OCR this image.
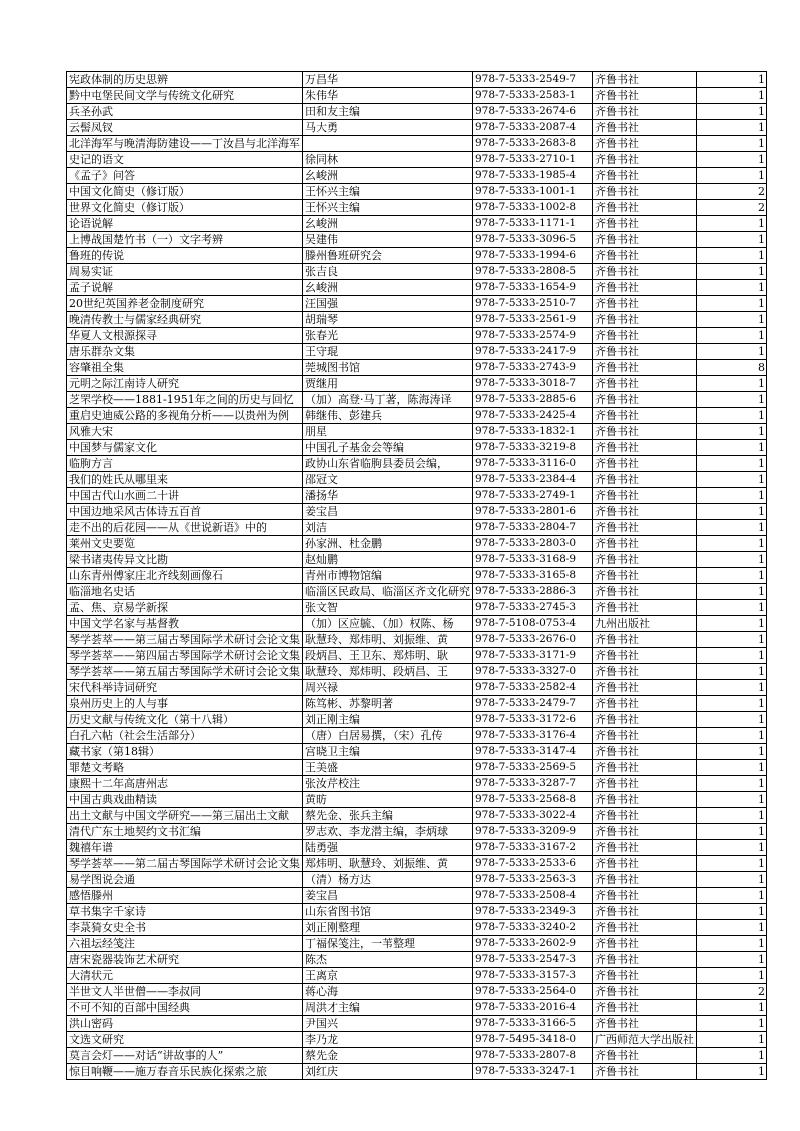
宪政体制的历史思辨	万昌华	978-7-5333-2549-7	齐鲁书社	1
黔中屯堡民间文学与传统文化研究	朱伟华	978-7-5333-2583-1	齐鲁书社	1
兵圣孙武	田和友主编	978-7-5333-2674-6	齐鲁书社	1
云髻凤钗	马大勇	978-7-5333-2087-4	齐鲁书社	1
北洋海军与晚清海防建设——丁汝昌与北洋海军		978-7-5333-2683-8	齐鲁书社	1
史记的语文	徐同林	978-7-5333-2710-1	齐鲁书社	1
《孟子》问答	幺峻洲	978-7-5333-1985-4	齐鲁书社	1
中国文化简史（修订版）	王怀兴主编	978-7-5333-1001-1	齐鲁书社	2
世界文化简史（修订版）	王怀兴主编	978-7-5333-1002-8	齐鲁书社	2
论语说解	幺峻洲	978-7-5333-1171-1	齐鲁书社	1
上博战国楚竹书（一）文字考辨	吴建伟	978-7-5333-3096-5	齐鲁书社	1
鲁班的传说	滕州鲁班研究会	978-7-5333-1994-6	齐鲁书社	1
周易实证	张吉良	978-7-5333-2808-5	齐鲁书社	1
孟子说解	幺峻洲	978-7-5333-1654-9	齐鲁书社	1
20世纪英国养老金制度研究	汪国强	978-7-5333-2510-7	齐鲁书社	1
晚清传教士与儒家经典研究	胡瑞琴	978-7-5333-2561-9	齐鲁书社	1
华夏人文根源探寻	张春光	978-7-5333-2574-9	齐鲁书社	1
唐乐群杂文集	王守琨	978-7-5333-2417-9	齐鲁书社	1
容肇祖全集	莞城图书馆	978-7-5333-2743-9	齐鲁书社	8
元明之际江南诗人研究	贾继用	978-7-5333-3018-7	齐鲁书社	1
芝罘学校——1881-1951年之间的历史与回忆	（加）高登·马丁著，陈海涛译	978-7-5333-2885-6	齐鲁书社	1
重启史迪威公路的多视角分析——以贵州为例	韩继伟、彭建兵	978-7-5333-2425-4	齐鲁书社	1
风雅大宋	朋星	978-7-5333-1832-1	齐鲁书社	1
中国梦与儒家文化	中国孔子基金会等编	978-7-5333-3219-8	齐鲁书社	1
临朐方言	政协山东省临朐县委员会编，	978-7-5333-3116-0	齐鲁书社	1
我们的姓氏从哪里来	邵冠文	978-7-5333-2384-4	齐鲁书社	1
中国古代山水画二十讲	潘扬华	978-7-5333-2749-1	齐鲁书社	1
中国边地采风古体诗五百首	姜宝昌	978-7-5333-2801-6	齐鲁书社	1
走不出的后花园——从《世说新语》中的	刘洁	978-7-5333-2804-7	齐鲁书社	1
莱州文史要览	孙家洲、杜金鹏	978-7-5333-2803-0	齐鲁书社	1
梁书诸夷传异文比勘	赵灿鹏	978-7-5333-3168-9	齐鲁书社	1
山东青州傅家庄北齐线刻画像石	青州市博物馆编	978-7-5333-3165-8	齐鲁书社	1
临淄地名史话	临淄区民政局、临淄区齐文化研究	978-7-5333-2886-3	齐鲁书社	1
孟、焦、京易学新探	张文智	978-7-5333-2745-3	齐鲁书社	1
中国文学名家与基督教	（加）区应毓、（加）权陈、杨	978-7-5108-0753-4	九州出版社	1
琴学荟萃——第三届古琴国际学术研讨会论文集	耿慧玲、郑炜明、刘振维、黄	978-7-5333-2676-0	齐鲁书社	1
琴学荟萃——第四届古琴国际学术研讨会论文集	段炳昌、王卫东、郑炜明、耿	978-7-5333-3171-9	齐鲁书社	1
琴学荟萃——第五届古琴国际学术研讨会论文集	耿慧玲、郑炜明、段炳昌、王	978-7-5333-3327-0	齐鲁书社	1
宋代科举诗词研究	周兴禄	978-7-5333-2582-4	齐鲁书社	1
泉州历史上的人与事	陈笃彬、苏黎明著	978-7-5333-2479-7	齐鲁书社	1
历史文献与传统文化（第十八辑）	刘正刚主编	978-7-5333-3172-6	齐鲁书社	1
白孔六帖（社会生活部分）	（唐）白居易撰，（宋）孔传	978-7-5333-3176-4	齐鲁书社	1
藏书家（第18辑）	宫晓卫主编	978-7-5333-3147-4	齐鲁书社	1
罪楚文考略	王美盛	978-7-5333-2569-5	齐鲁书社	1
康熙十二年高唐州志	张汝芹校注	978-7-5333-3287-7	齐鲁书社	1
中国古典戏曲精读	黄昉	978-7-5333-2568-8	齐鲁书社	1
出土文献与中国文学研究——第三届出土文献	蔡先金、张兵主编	978-7-5333-3022-4	齐鲁书社	1
清代广东土地契约文书汇编	罗志欢、李龙潜主编，李炳球	978-7-5333-3209-9	齐鲁书社	1
魏禧年谱	陆勇强	978-7-5333-3167-2	齐鲁书社	1
琴学荟萃——第二届古琴国际学术研讨会论文集	郑炜明、耿慧玲、刘振维、黄	978-7-5333-2533-6	齐鲁书社	1
易学图说会通	（清）杨方达	978-7-5333-2563-3	齐鲁书社	1
感悟滕州	姜宝昌	978-7-5333-2508-4	齐鲁书社	1
草书集字千家诗	山东省图书馆	978-7-5333-2349-3	齐鲁书社	1
李菉猗女史全书	刘正刚整理	978-7-5333-3240-2	齐鲁书社	1
六祖坛经笺注	丁福保笺注，一苇整理	978-7-5333-2602-9	齐鲁书社	1
唐宋瓷器装饰艺术研究	陈杰	978-7-5333-2547-3	齐鲁书社	1
大清状元	王离京	978-7-5333-3157-3	齐鲁书社	1
半世文人半世僧——李叔同	蒋心海	978-7-5333-2564-0	齐鲁书社	2
不可不知的百部中国经典	周洪才主编	978-7-5333-2016-4	齐鲁书社	1
洪山密码	尹国兴	978-7-5333-3166-5	齐鲁书社	1
文选文研究	李乃龙	978-7-5495-3418-0	广西师范大学出版社	1
莫言会灯——对话“讲故事的人”	蔡先金	978-7-5333-2807-8	齐鲁书社	1
惊目响鞭——施万春音乐民族化探索之旅	刘红庆	978-7-5333-3247-1	齐鲁书社	1
